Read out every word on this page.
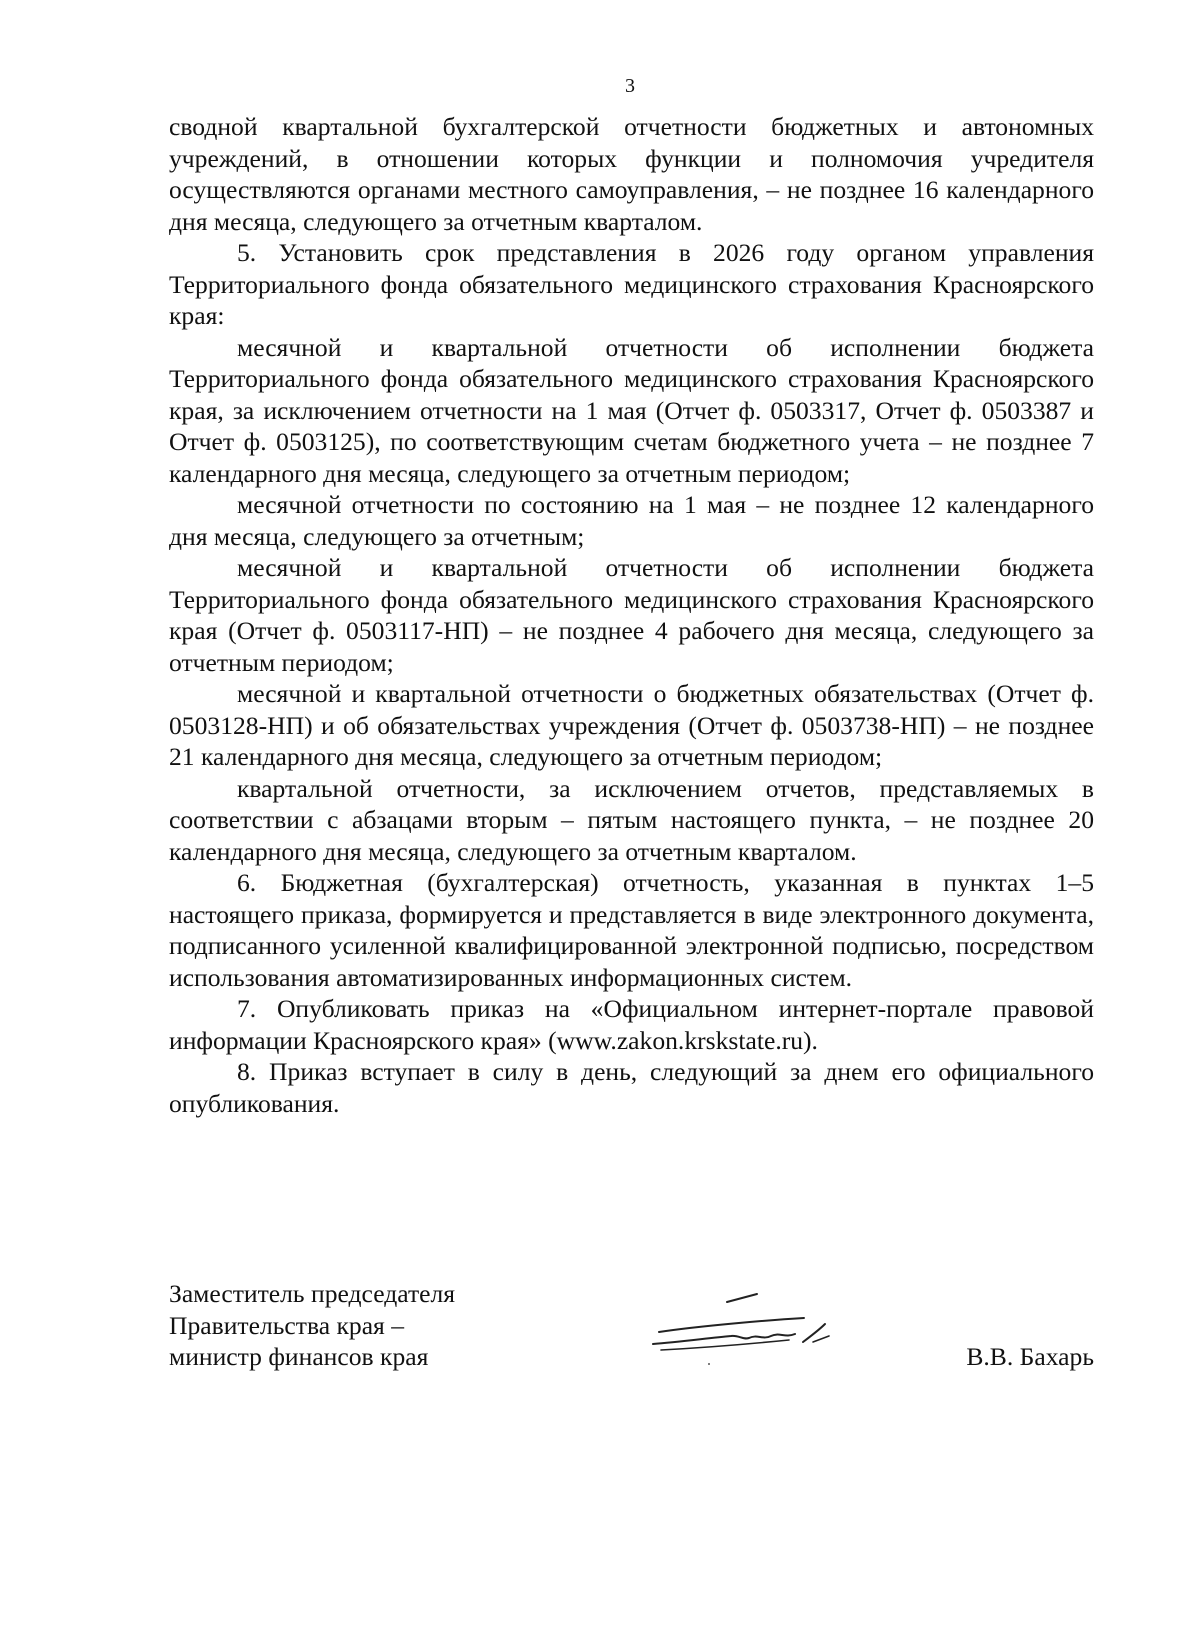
3

сводной квартальной бухгалтерской отчетности бюджетных и автономных учреждений, в отношении которых функции и полномочия учредителя осуществляются органами местного самоуправления, – не позднее 16 календарного дня месяца, следующего за отчетным кварталом.

5. Установить срок представления в 2026 году органом управления Территориального фонда обязательного медицинского страхования Красноярского края:

месячной и квартальной отчетности об исполнении бюджета Территориального фонда обязательного медицинского страхования Красноярского края, за исключением отчетности на 1 мая (Отчет ф. 0503317, Отчет ф. 0503387 и Отчет ф. 0503125), по соответствующим счетам бюджетного учета – не позднее 7 календарного дня месяца, следующего за отчетным периодом;

месячной отчетности по состоянию на 1 мая – не позднее 12 календарного дня месяца, следующего за отчетным;

месячной и квартальной отчетности об исполнении бюджета Территориального фонда обязательного медицинского страхования Красноярского края (Отчет ф. 0503117-НП) – не позднее 4 рабочего дня месяца, следующего за отчетным периодом;

месячной и квартальной отчетности о бюджетных обязательствах (Отчет ф. 0503128-НП) и об обязательствах учреждения (Отчет ф. 0503738-НП) – не позднее 21 календарного дня месяца, следующего за отчетным периодом;

квартальной отчетности, за исключением отчетов, представляемых в соответствии с абзацами вторым – пятым настоящего пункта, – не позднее 20 календарного дня месяца, следующего за отчетным кварталом.

6. Бюджетная (бухгалтерская) отчетность, указанная в пунктах 1–5 настоящего приказа, формируется и представляется в виде электронного документа, подписанного усиленной квалифицированной электронной подписью, посредством использования автоматизированных информационных систем.

7. Опубликовать приказ на «Официальном интернет-портале правовой информации Красноярского края» (www.zakon.krskstate.ru).

8. Приказ вступает в силу в день, следующий за днем его официального опубликования.

Заместитель председателя
Правительства края –
министр финансов края	В.В. Бахарь
